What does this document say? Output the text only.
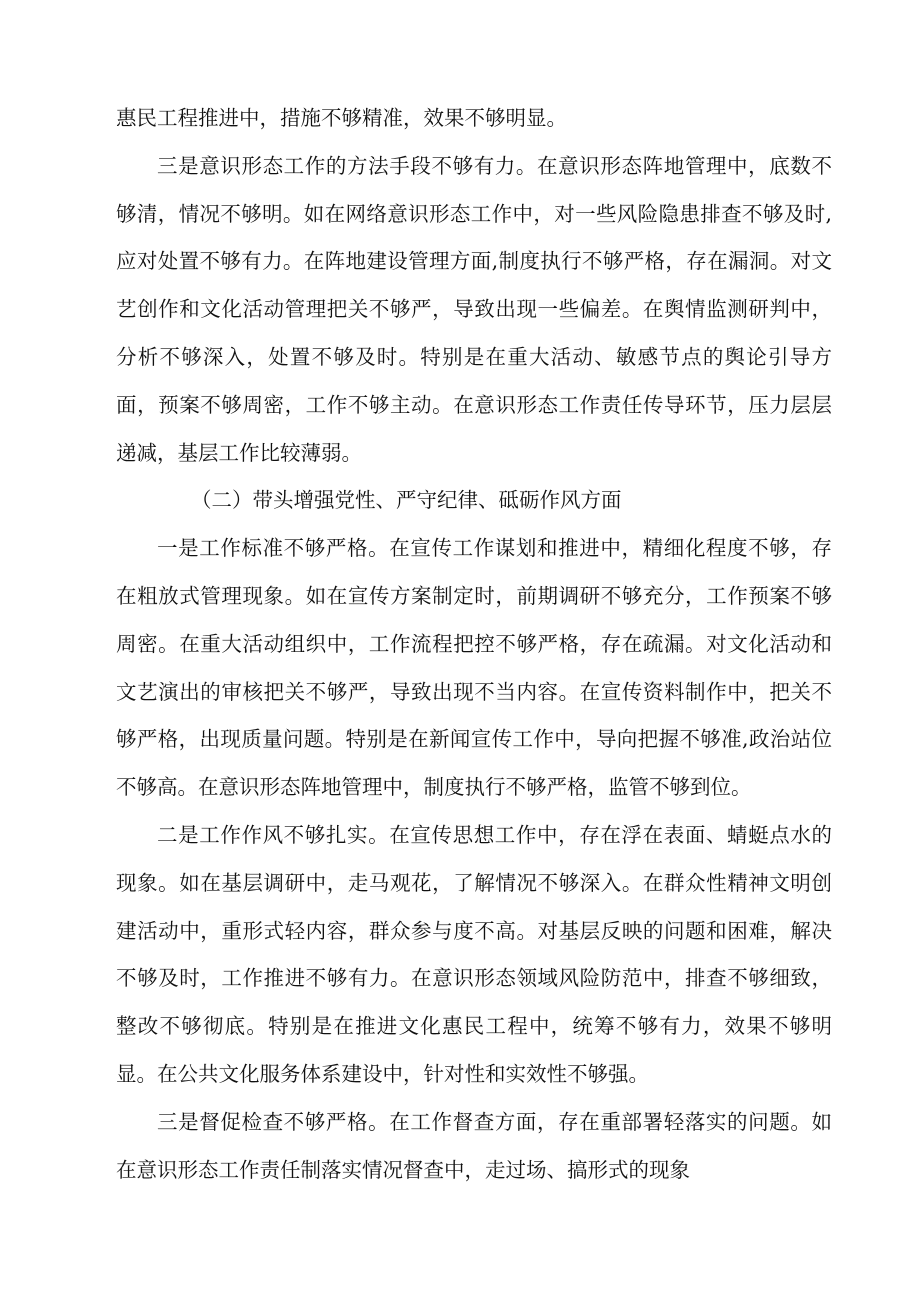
惠民工程推进中，措施不够精准，效果不够明显。

三是意识形态工作的方法手段不够有力。在意识形态阵地管理中，底数不够清，情况不够明。如在网络意识形态工作中，对一些风险隐患排查不够及时,应对处置不够有力。在阵地建设管理方面,制度执行不够严格，存在漏洞。对文艺创作和文化活动管理把关不够严，导致出现一些偏差。在舆情监测研判中，分析不够深入，处置不够及时。特别是在重大活动、敏感节点的舆论引导方面，预案不够周密，工作不够主动。在意识形态工作责任传导环节，压力层层递减，基层工作比较薄弱。

（二）带头增强党性、严守纪律、砥砺作风方面

一是工作标准不够严格。在宣传工作谋划和推进中，精细化程度不够，存在粗放式管理现象。如在宣传方案制定时，前期调研不够充分，工作预案不够周密。在重大活动组织中，工作流程把控不够严格，存在疏漏。对文化活动和文艺演出的审核把关不够严，导致出现不当内容。在宣传资料制作中，把关不够严格，出现质量问题。特别是在新闻宣传工作中，导向把握不够准,政治站位不够高。在意识形态阵地管理中，制度执行不够严格，监管不够到位。

二是工作作风不够扎实。在宣传思想工作中，存在浮在表面、蜻蜓点水的现象。如在基层调研中，走马观花，了解情况不够深入。在群众性精神文明创建活动中，重形式轻内容，群众参与度不高。对基层反映的问题和困难，解决不够及时，工作推进不够有力。在意识形态领域风险防范中，排查不够细致，整改不够彻底。特别是在推进文化惠民工程中，统筹不够有力，效果不够明显。在公共文化服务体系建设中，针对性和实效性不够强。

三是督促检查不够严格。在工作督查方面，存在重部署轻落实的问题。如在意识形态工作责任制落实情况督查中，走过场、搞形式的现象
